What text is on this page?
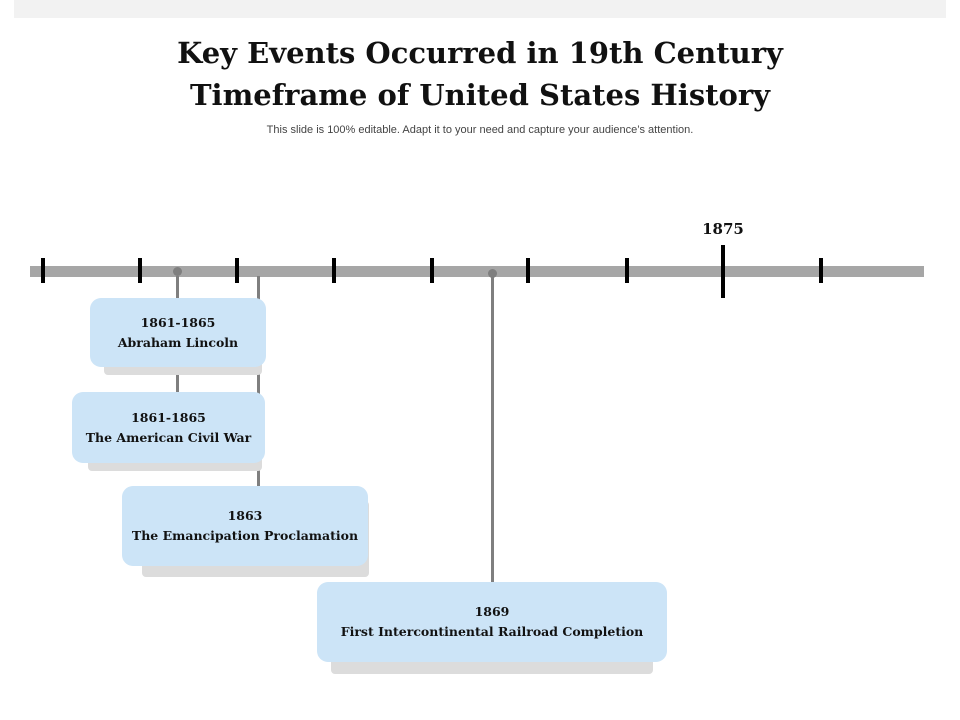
Key Events Occurred in 19th Century
Timeframe of United States History
This slide is 100% editable. Adapt it to your need and capture your audience’s attention.
1875
1861-1865
Abraham Lincoln
1861-1865
The American Civil War
1863
The Emancipation Proclamation
1869
First Intercontinental Railroad Completion
